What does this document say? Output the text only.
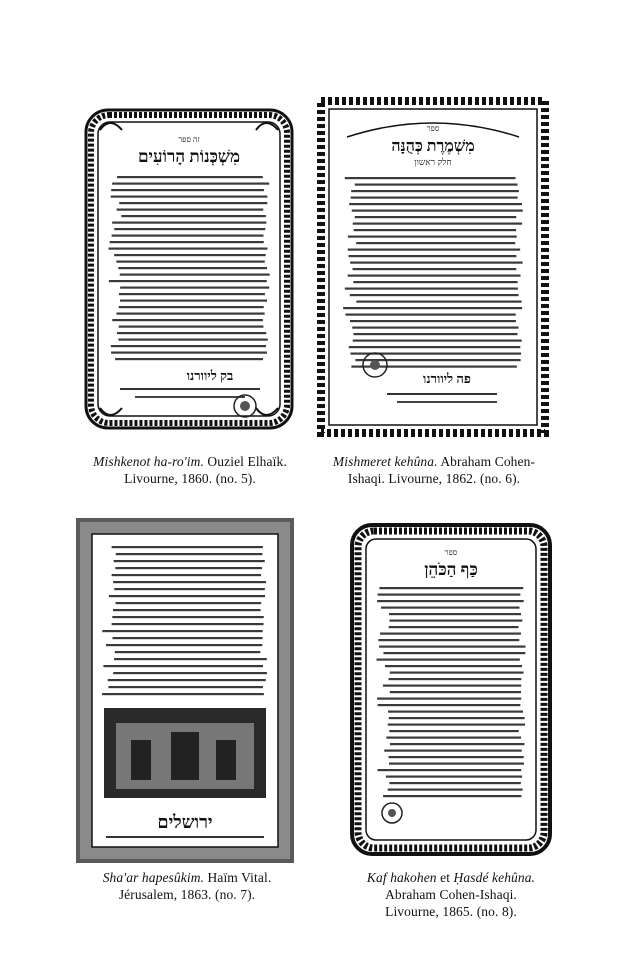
זה ספר
מִשְׁכְּנוֹת הָרוֹעִים
בק ליוורנו
ספר
מִשְׁמֶרֶת כְּהֻנָּה
חלק ראשון
פה ליוורנו
ירושלים
ספר
כַּף הַכֹּהֵן
Mishkenot ha-ro'im. Ouziel Elhaïk.
Livourne, 1860. (no. 5).
Mishmeret kehûna. Abraham Cohen-
Ishaqi. Livourne, 1862. (no. 6).
Sha'ar hapesûkim. Haïm Vital.
Jérusalem, 1863. (no. 7).
Kaf hakohen et Ḥasdé kehûna.
Abraham Cohen-Ishaqi.
Livourne, 1865. (no. 8).
